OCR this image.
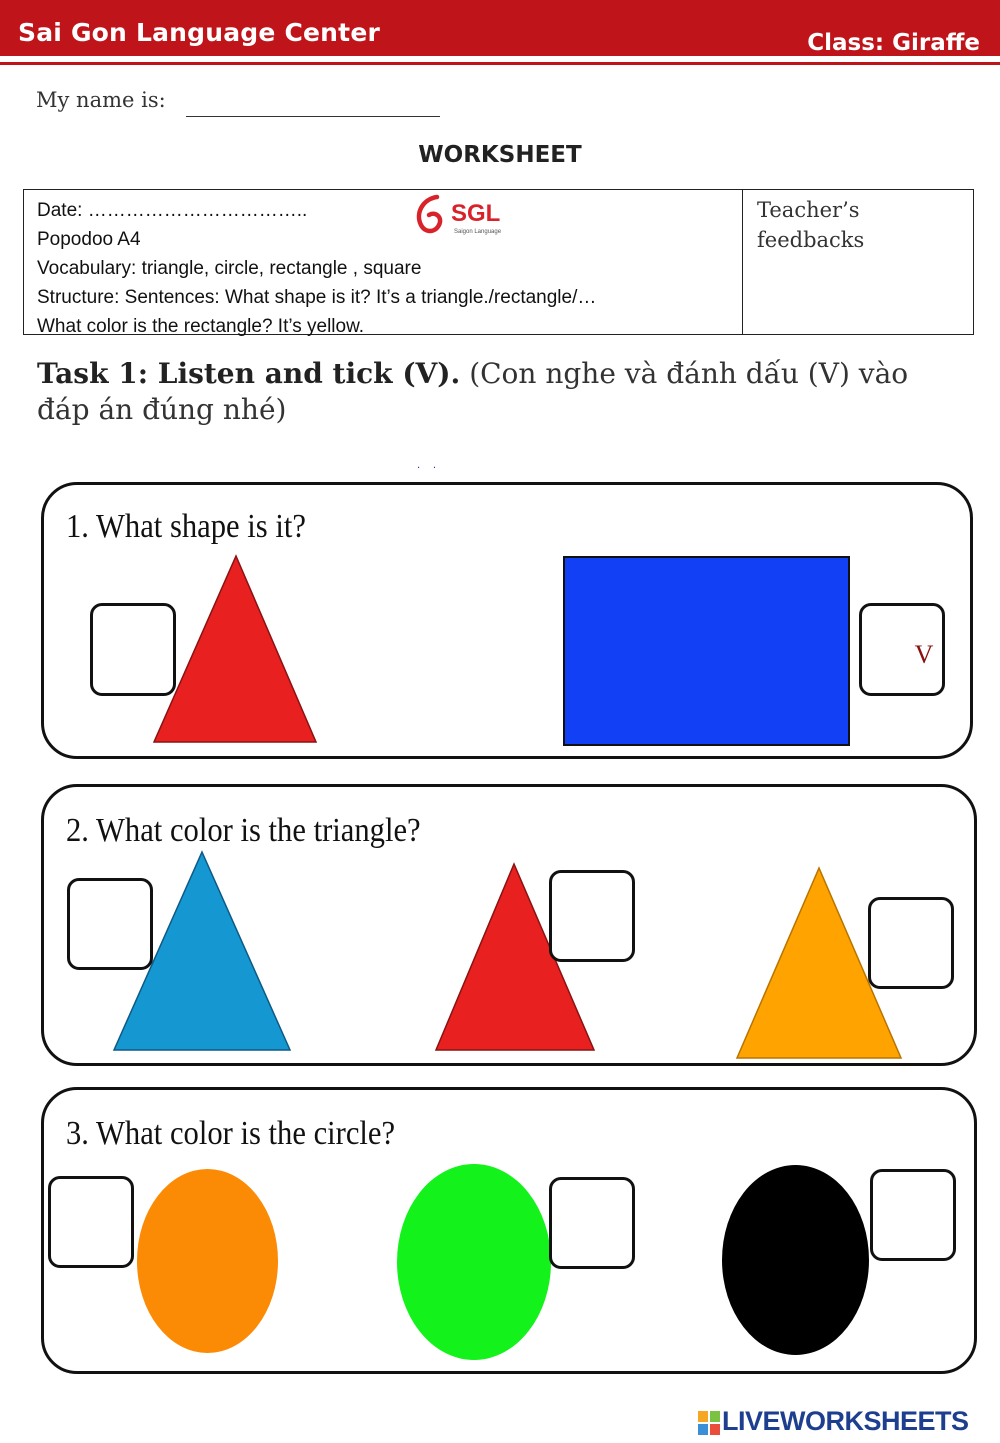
Sai Gon Language Center	Class: Giraffe
My name is:
WORKSHEET
Date: ……………………………..
Popodoo A4
Vocabulary: triangle, circle, rectangle , square
Structure: Sentences: What shape is it? It’s a triangle./rectangle/…
What color is the rectangle? It’s yellow.
Teacher’s feedbacks
SGL
Saigon Language
Task 1: Listen and tick (V). (Con nghe và đánh dấu (V) vào đáp án đúng nhé)
·    ·
1. What shape is it?
V
2. What color is the triangle?
3. What color is the circle?
LIVEWORKSHEETS
